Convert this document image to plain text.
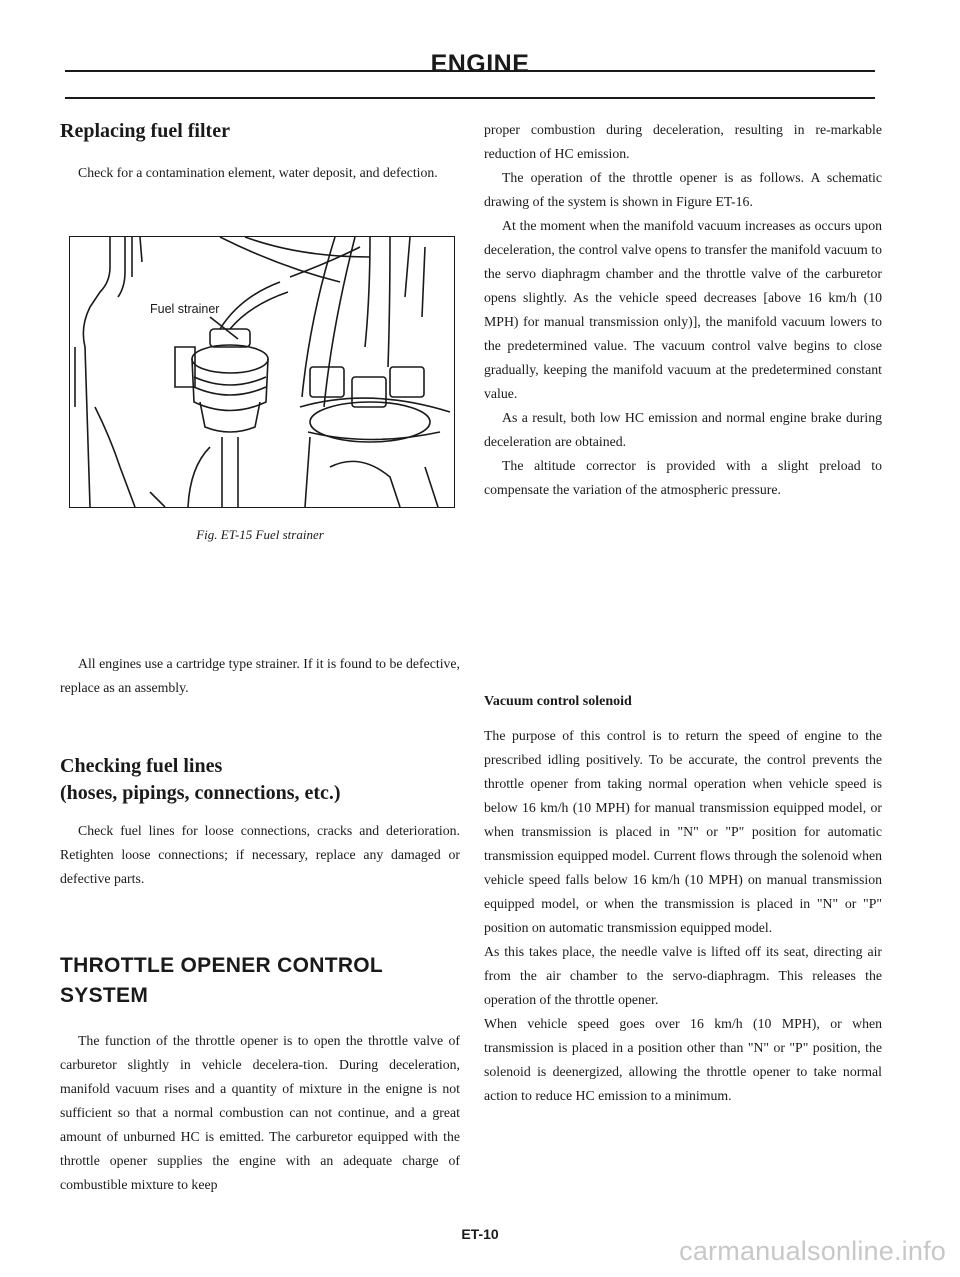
ENGINE
Replacing fuel filter

Check for a contamination element, water deposit, and defection.

Fuel strainer
Fig. ET-15 Fuel strainer

All engines use a cartridge type strainer. If it is found to be defective, replace as an assembly.

Checking fuel lines
(hoses, pipings, connections, etc.)

Check fuel lines for loose connections, cracks and deterioration. Retighten loose connections; if necessary, replace any damaged or defective parts.

THROTTLE OPENER CONTROL
SYSTEM

The function of the throttle opener is to open the throttle valve of carburetor slightly in vehicle decelera-tion. During deceleration, manifold vacuum rises and a quantity of mixture in the enigne is not sufficient so that a normal combustion can not continue, and a great amount of unburned HC is emitted. The carburetor equipped with the throttle opener supplies the engine with an adequate charge of combustible mixture to keep

proper combustion during deceleration, resulting in re-markable reduction of HC emission.

The operation of the throttle opener is as follows. A schematic drawing of the system is shown in Figure ET-16.

At the moment when the manifold vacuum increases as occurs upon deceleration, the control valve opens to transfer the manifold vacuum to the servo diaphragm chamber and the throttle valve of the carburetor opens slightly. As the vehicle speed decreases [above 16 km/h (10 MPH) for manual transmission only)], the manifold vacuum lowers to the predetermined value. The vacuum control valve begins to close gradually, keeping the manifold vacuum at the predetermined constant value.

As a result, both low HC emission and normal engine brake during deceleration are obtained.

The altitude corrector is provided with a slight preload to compensate the variation of the atmospheric pressure.

Vacuum control solenoid

The purpose of this control is to return the speed of engine to the prescribed idling positively. To be accurate, the control prevents the throttle opener from taking normal operation when vehicle speed is below 16 km/h (10 MPH) for manual transmission equipped model, or when transmission is placed in "N" or "P" position for automatic transmission equipped model. Current flows through the solenoid when vehicle speed falls below 16 km/h (10 MPH) on manual transmission equipped model, or when the transmission is placed in "N" or "P" position on automatic transmission equipped model.

As this takes place, the needle valve is lifted off its seat, directing air from the air chamber to the servo-diaphragm. This releases the operation of the throttle opener.

When vehicle speed goes over 16 km/h (10 MPH), or when transmission is placed in a position other than "N" or "P" position, the solenoid is deenergized, allowing the throttle opener to take normal action to reduce HC emission to a minimum.

ET-10
carmanualsonline.info
